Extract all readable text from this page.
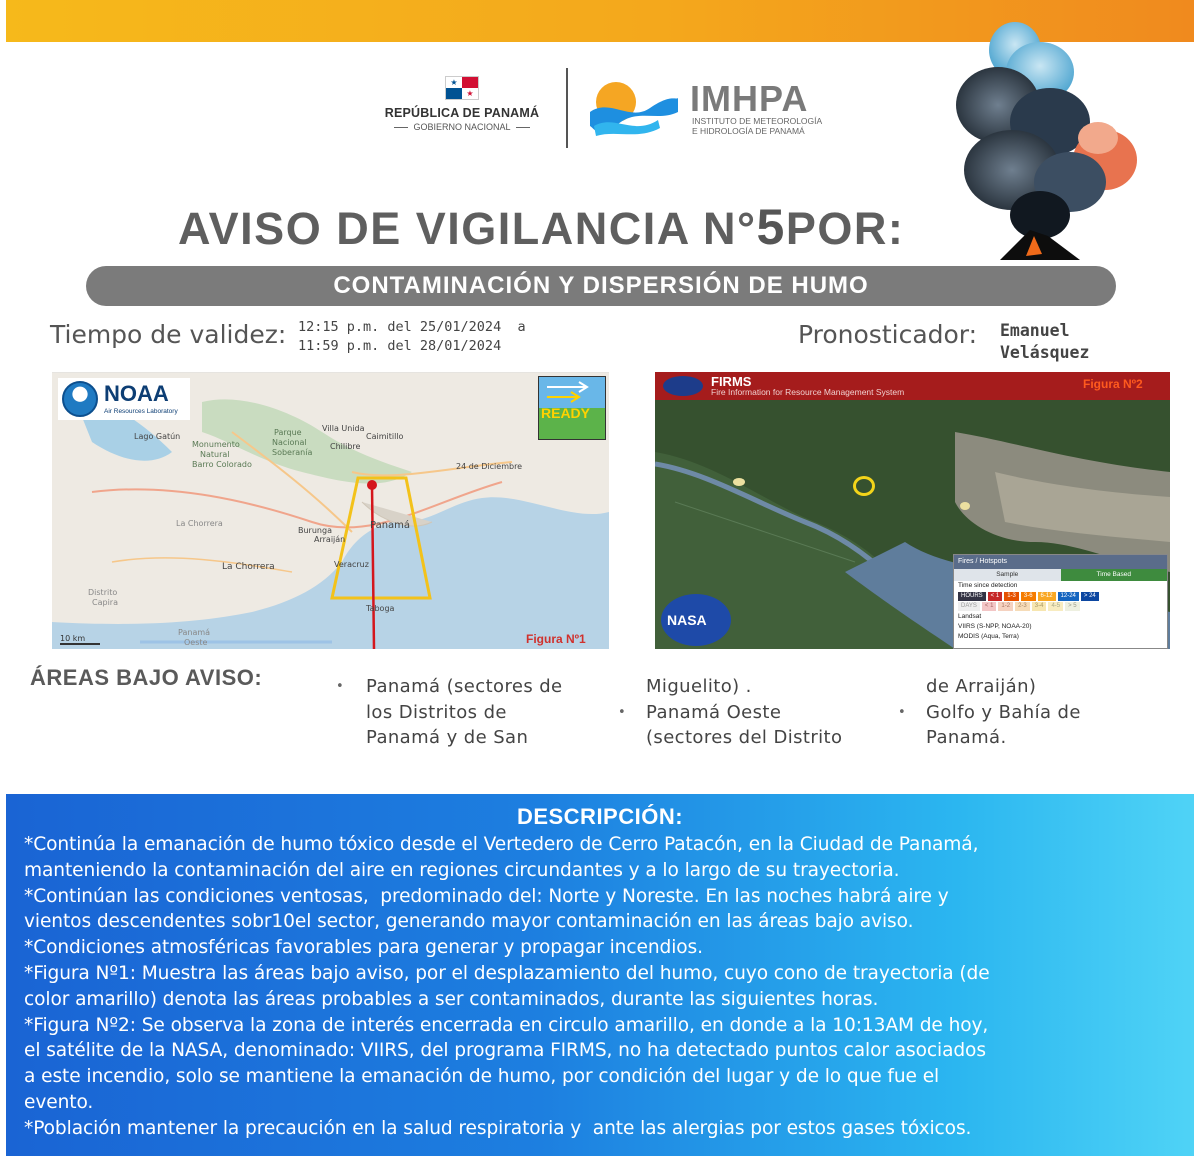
★
★
REPÚBLICA DE PANAMÁ
GOBIERNO NACIONAL
IMHPA
INSTITUTO DE METEOROLOGÍA
E HIDROLOGÍA DE PANAMÁ
AVISO DE VIGILANCIA N°5POR:
CONTAMINACIÓN Y DISPERSIÓN DE HUMO
Tiempo de validez: 12:15 p.m. del 25/01/2024  a
11:59 p.m. del 28/01/2024	Pronosticador: Emanuel
Velásquez
Lago Gatún
Villa Unida
Caimitillo
Chilibre
Monumento
Natural
Barro Colorado
Parque
Nacional
Soberanía
24 de Diciembre
Panamá
Burunga
Arraiján
Veracruz
La Chorrera
Taboga
Distrito
Capira
La Chorrera
Panamá
Oeste
NOAA
Air Resources Laboratory	READY
10 km	Figura Nº1
FIRMS
Fire Information for Resource Management System
Figura Nº2
NASA
Fires / Hotspots
Sample	Time Based
Time since detection
HOURS	< 1	1-3	3-6	6-12	12-24	> 24
DAYS	< 1	1-2	2-3	3-4	4-5	> 5
Landsat
VIIRS (S-NPP, NOAA-20)
MODIS (Aqua, Terra)
ÁREAS BAJO AVISO:	• Panamá (sectores de
los Distritos de
Panamá y de San
•
Miguelito) .
Panamá Oeste
(sectores del Distrito
•
de Arraiján)
Golfo y Bahía de
Panamá.
DESCRIPCIÓN:

*Continúa la emanación de humo tóxico desde el Vertedero de Cerro Patacón, en la Ciudad de Panamá,

manteniendo la contaminación del aire en regiones circundantes y a lo largo de su trayectoria.

*Continúan las condiciones ventosas,  predominado del: Norte y Noreste. En las noches habrá aire y

vientos descendentes sobr10el sector, generando mayor contaminación en las áreas bajo aviso.

*Condiciones atmosféricas favorables para generar y propagar incendios.

*Figura Nº1: Muestra las áreas bajo aviso, por el desplazamiento del humo, cuyo cono de trayectoria (de

color amarillo) denota las áreas probables a ser contaminados, durante las siguientes horas.

*Figura Nº2: Se observa la zona de interés encerrada en circulo amarillo, en donde a la 10:13AM de hoy,

el satélite de la NASA, denominado: VIIRS, del programa FIRMS, no ha detectado puntos calor asociados

a este incendio, solo se mantiene la emanación de humo, por condición del lugar y de lo que fue el

evento.

*Población mantener la precaución en la salud respiratoria y  ante las alergias por estos gases tóxicos.
